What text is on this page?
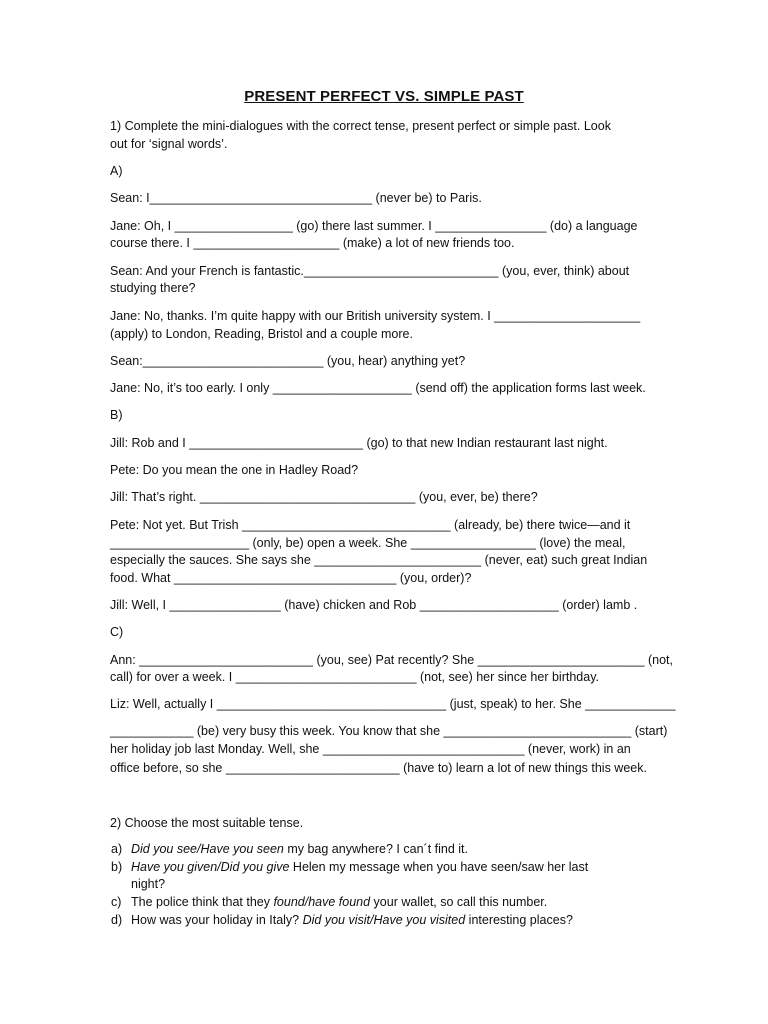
PRESENT PERFECT VS. SIMPLE PAST
1) Complete the mini-dialogues with the correct tense, present perfect or simple past. Look
out for ‘signal words’.
A)
Sean: I________________________________ (never be) to Paris.
Jane: Oh, I _________________ (go) there last summer. I ________________ (do) a language
course there. I _____________________ (make) a lot of new friends too.
Sean: And your French is fantastic.____________________________ (you, ever, think) about
studying there?
Jane: No, thanks. I’m quite happy with our British university system. I _____________________
(apply) to London, Reading, Bristol and a couple more.
Sean:__________________________ (you, hear) anything yet?
Jane: No, it’s too early. I only ____________________ (send off) the application forms last week.
B)
Jill: Rob and I _________________________ (go) to that new Indian restaurant last night.
Pete: Do you mean the one in Hadley Road?
Jill: That’s right. _______________________________ (you, ever, be) there?
Pete: Not yet. But Trish ______________________________ (already, be) there twice—and it
____________________ (only, be) open a week. She __________________ (love) the meal,
especially the sauces. She says she ________________________ (never, eat) such great Indian
food. What ________________________________ (you, order)?
Jill: Well, I ________________ (have) chicken and Rob ____________________ (order) lamb .
C)
Ann: _________________________ (you, see) Pat recently? She ________________________ (not,
call) for over a week. I __________________________ (not, see) her since her birthday.
Liz: Well, actually I _________________________________ (just, speak) to her. She _____________
____________ (be) very busy this week. You know that she ___________________________ (start)
her holiday job last Monday. Well, she _____________________________ (never, work) in an
office before, so she _________________________ (have to) learn a lot of new things this week.
2) Choose the most suitable tense.
a) Did you see/Have you seen my bag anywhere? I can´t find it.
b) Have you given/Did you give Helen my message when you have seen/saw her last
night?
c) The police think that they found/have found your wallet, so call this number.
d) How was your holiday in Italy? Did you visit/Have you visited interesting places?
